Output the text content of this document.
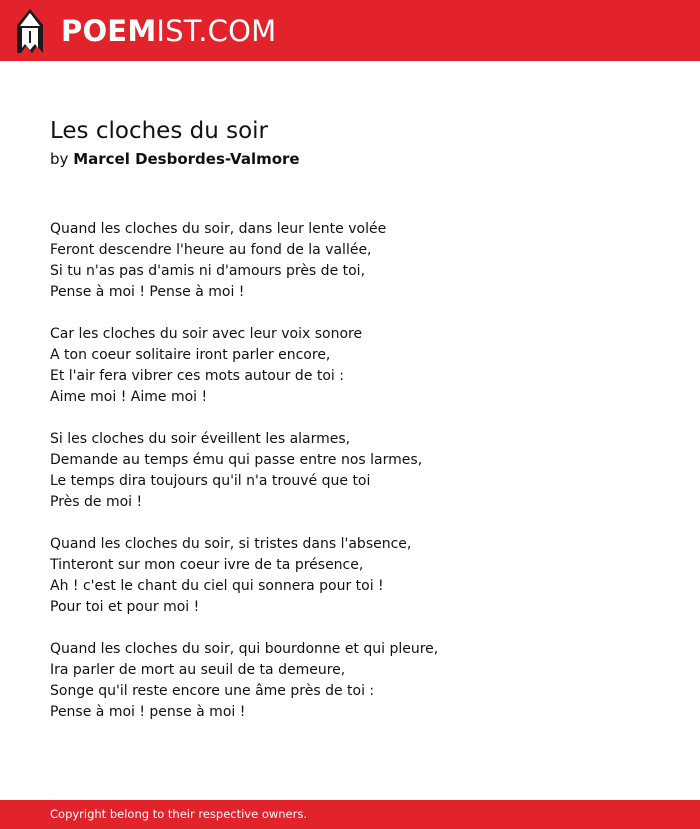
POEMIST.COM
Les cloches du soir
by Marcel Desbordes-Valmore
Quand les cloches du soir, dans leur lente volée
Feront descendre l'heure au fond de la vallée,
Si tu n'as pas d'amis ni d'amours près de toi,
Pense à moi ! Pense à moi !
Car les cloches du soir avec leur voix sonore
A ton coeur solitaire iront parler encore,
Et l'air fera vibrer ces mots autour de toi :
Aime moi ! Aime moi !
Si les cloches du soir éveillent les alarmes,
Demande au temps ému qui passe entre nos larmes,
Le temps dira toujours qu'il n'a trouvé que toi
Près de moi !
Quand les cloches du soir, si tristes dans l'absence,
Tinteront sur mon coeur ivre de ta présence,
Ah ! c'est le chant du ciel qui sonnera pour toi !
Pour toi et pour moi !
Quand les cloches du soir, qui bourdonne et qui pleure,
Ira parler de mort au seuil de ta demeure,
Songe qu'il reste encore une âme près de toi :
Pense à moi ! pense à moi !
Copyright belong to their respective owners.
